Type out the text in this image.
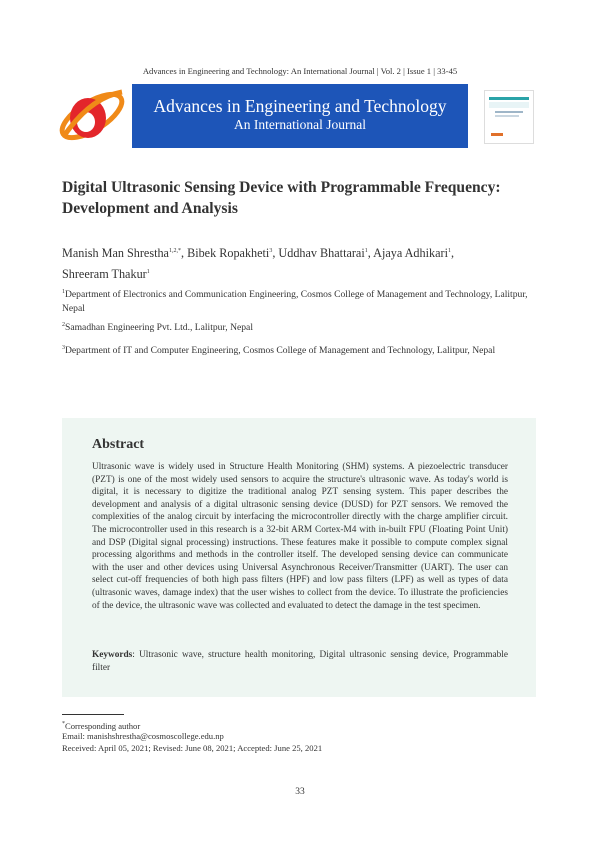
Advances in Engineering and Technology: An International Journal | Vol. 2 | Issue 1 | 33-45
Advances in Engineering and Technology
An International Journal
Digital Ultrasonic Sensing Device with Programmable Frequency:
Development and Analysis
Manish Man Shrestha$^{1,2,*}$, Bibek Ropakheti$^3$, Uddhav Bhattarai$^1$, Ajaya Adhikari$^1$,
Shreeram Thakur$^1$
$^1$Department of Electronics and Communication Engineering, Cosmos College of Management and Technology, Lalitpur, Nepal
$^2$Samadhan Engineering Pvt. Ltd., Lalitpur, Nepal
$^3$Department of IT and Computer Engineering, Cosmos College of Management and Technology, Lalitpur, Nepal
Abstract
Ultrasonic wave is widely used in Structure Health Monitoring (SHM) systems. A piezoelectric transducer (PZT) is one of the most widely used sensors to acquire the structure's ultrasonic wave. As today's world is digital, it is necessary to digitize the traditional analog PZT sensing system. This paper describes the development and analysis of a digital ultrasonic sensing device (DUSD) for PZT sensors. We removed the complexities of the analog circuit by interfacing the microcontroller directly with the charge amplifier circuit. The microcontroller used in this research is a 32-bit ARM Cortex-M4 with in-built FPU (Floating Point Unit) and DSP (Digital signal processing) instructions. These features make it possible to compute complex signal processing algorithms and methods in the controller itself. The developed sensing device can communicate with the user and other devices using Universal Asynchronous Receiver/Transmitter (UART). The user can select cut-off frequencies of both high pass filters (HPF) and low pass filters (LPF) as well as types of data (ultrasonic waves, damage index) that the user wishes to collect from the device. To illustrate the proficiencies of the device, the ultrasonic wave was collected and evaluated to detect the damage in the test specimen.
Keywords: Ultrasonic wave, structure health monitoring, Digital ultrasonic sensing device, Programmable filter
*Corresponding author
Email: manishshrestha@cosmoscollege.edu.np
Received: April 05, 2021; Revised: June 08, 2021; Accepted: June 25, 2021
33
